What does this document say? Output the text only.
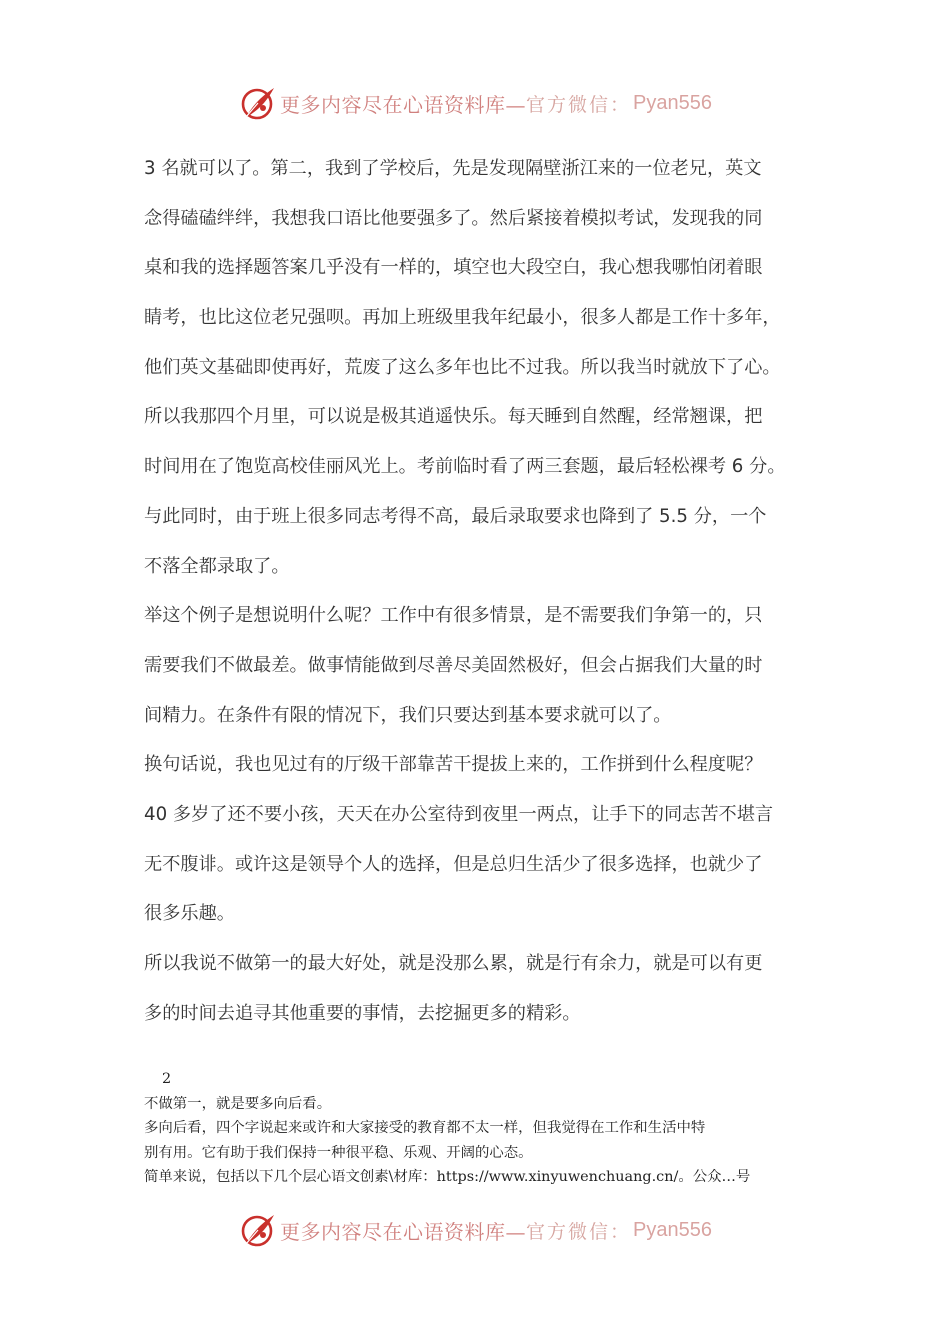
更多内容尽在心语资料库— 官方微信： Pyan556
3 名就可以了。第二，我到了学校后，先是发现隔壁浙江来的一位老兄，英文
念得磕磕绊绊，我想我口语比他要强多了。然后紧接着模拟考试，发现我的同
桌和我的选择题答案几乎没有一样的，填空也大段空白，我心想我哪怕闭着眼
睛考，也比这位老兄强呗。再加上班级里我年纪最小，很多人都是工作十多年，
他们英文基础即使再好，荒废了这么多年也比不过我。所以我当时就放下了心。
所以我那四个月里，可以说是极其逍遥快乐。每天睡到自然醒，经常翘课，把
时间用在了饱览高校佳丽风光上。考前临时看了两三套题，最后轻松裸考 6 分。
与此同时，由于班上很多同志考得不高，最后录取要求也降到了 5.5 分，一个
不落全都录取了。
举这个例子是想说明什么呢？工作中有很多情景，是不需要我们争第一的，只
需要我们不做最差。做事情能做到尽善尽美固然极好，但会占据我们大量的时
间精力。在条件有限的情况下，我们只要达到基本要求就可以了。
换句话说，我也见过有的厅级干部靠苦干提拔上来的，工作拼到什么程度呢？
40 多岁了还不要小孩，天天在办公室待到夜里一两点，让手下的同志苦不堪言
无不腹诽。或许这是领导个人的选择，但是总归生活少了很多选择，也就少了
很多乐趣。
所以我说不做第一的最大好处，就是没那么累，就是行有余力，就是可以有更
多的时间去追寻其他重要的事情，去挖掘更多的精彩。
2
不做第一，就是要多向后看。
多向后看，四个字说起来或许和大家接受的教育都不太一样，但我觉得在工作和生活中特
别有用。它有助于我们保持一种很平稳、乐观、开阔的心态。
简单来说，包括以下几个层心语文创素\材库：https://www.xinyuwenchuang.cn/。公众…号
更多内容尽在心语资料库— 官方微信： Pyan556
